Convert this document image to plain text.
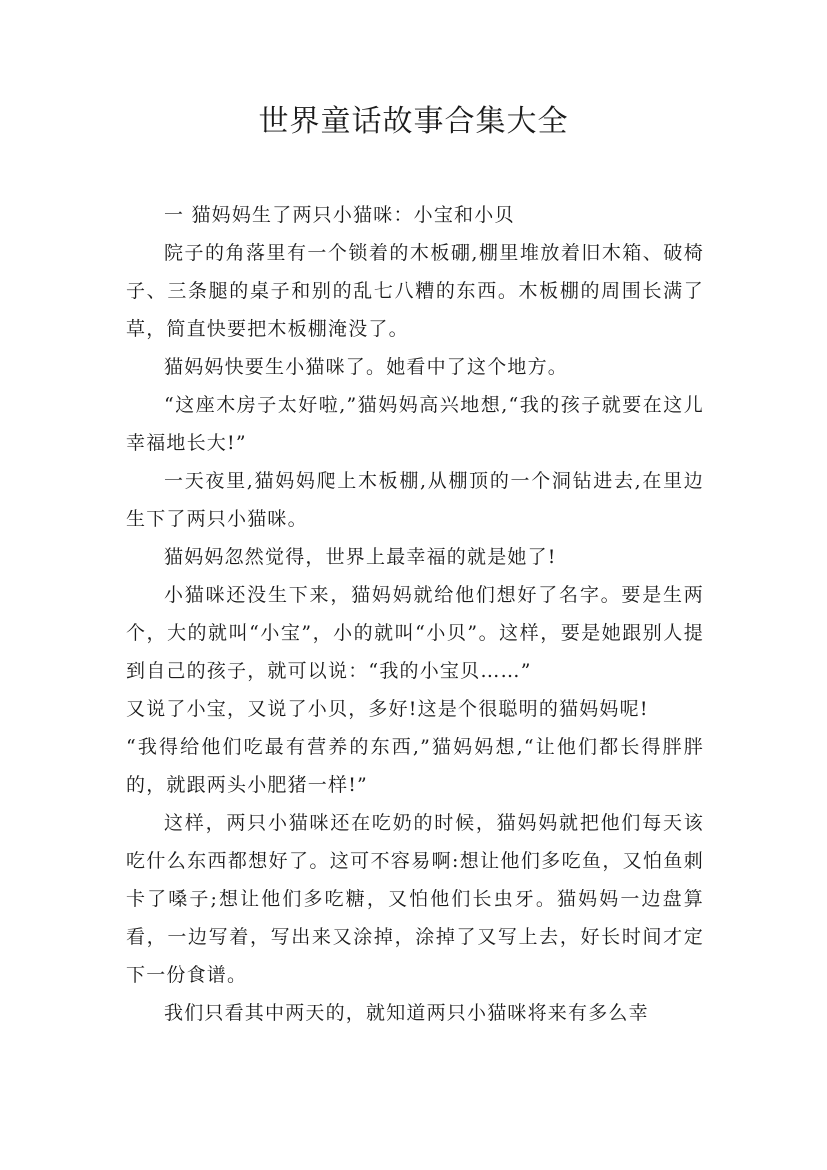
世界童话故事合集大全

一 猫妈妈生了两只小猫咪：小宝和小贝

院子的角落里有一个锁着的木板硼,棚里堆放着旧木箱、破椅子、三条腿的桌子和别的乱七八糟的东西。木板棚的周围长满了草，简直快要把木板棚淹没了。

猫妈妈快要生小猫咪了。她看中了这个地方。

“这座木房子太好啦,”猫妈妈高兴地想,“我的孩子就要在这儿幸福地长大!”

一天夜里,猫妈妈爬上木板棚,从棚顶的一个洞钻进去,在里边生下了两只小猫咪。

猫妈妈忽然觉得，世界上最幸福的就是她了!

小猫咪还没生下来，猫妈妈就给他们想好了名字。要是生两个，大的就叫“小宝”，小的就叫“小贝”。这样，要是她跟别人提到自己的孩子，就可以说：“我的小宝贝……”

又说了小宝，又说了小贝，多好!这是个很聪明的猫妈妈呢!

“我得给他们吃最有营养的东西,”猫妈妈想,“让他们都长得胖胖的，就跟两头小肥猪一样!”

这样，两只小猫咪还在吃奶的时候，猫妈妈就把他们每天该吃什么东西都想好了。这可不容易啊:想让他们多吃鱼，又怕鱼刺卡了嗓子;想让他们多吃糖，又怕他们长虫牙。猫妈妈一边盘算看，一边写着，写出来又涂掉，涂掉了又写上去，好长时间才定下一份食谱。

我们只看其中两天的，就知道两只小猫咪将来有多么幸
